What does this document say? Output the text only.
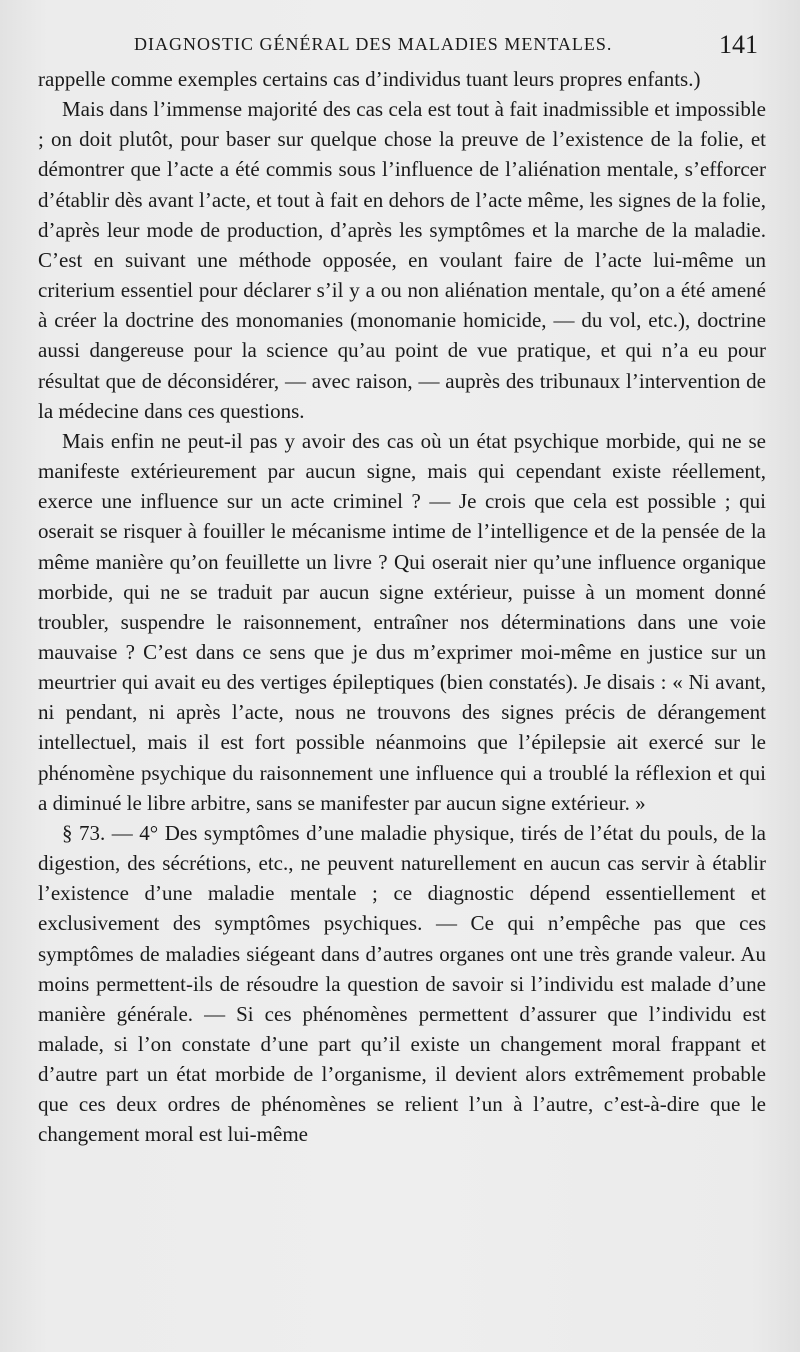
DIAGNOSTIC GÉNÉRAL DES MALADIES MENTALES.	141

rappelle comme exemples certains cas d’individus tuant leurs propres enfants.)

Mais dans l’immense majorité des cas cela est tout à fait inadmissible et impossible ; on doit plutôt, pour baser sur quelque chose la preuve de l’existence de la folie, et démontrer que l’acte a été commis sous l’influence de l’aliénation mentale, s’efforcer d’établir dès avant l’acte, et tout à fait en dehors de l’acte même, les signes de la folie, d’après leur mode de production, d’après les symptômes et la marche de la maladie. C’est en suivant une méthode opposée, en voulant faire de l’acte lui-même un criterium essentiel pour déclarer s’il y a ou non aliénation mentale, qu’on a été amené à créer la doctrine des monomanies (monomanie homicide, — du vol, etc.), doctrine aussi dangereuse pour la science qu’au point de vue pratique, et qui n’a eu pour résultat que de déconsidérer, — avec raison, — auprès des tribunaux l’intervention de la médecine dans ces questions.

Mais enfin ne peut-il pas y avoir des cas où un état psychique morbide, qui ne se manifeste extérieurement par aucun signe, mais qui cependant existe réellement, exerce une influence sur un acte criminel ? — Je crois que cela est possible ; qui oserait se risquer à fouiller le mécanisme intime de l’intelligence et de la pensée de la même manière qu’on feuillette un livre ? Qui oserait nier qu’une influence organique morbide, qui ne se traduit par aucun signe extérieur, puisse à un moment donné troubler, suspendre le raisonnement, entraîner nos déterminations dans une voie mauvaise ? C’est dans ce sens que je dus m’exprimer moi-même en justice sur un meurtrier qui avait eu des vertiges épileptiques (bien constatés). Je disais : « Ni avant, ni pendant, ni après l’acte, nous ne trouvons des signes précis de dérangement intellectuel, mais il est fort possible néanmoins que l’épilepsie ait exercé sur le phénomène psychique du raisonnement une influence qui a troublé la réflexion et qui a diminué le libre arbitre, sans se manifester par aucun signe extérieur. »

§ 73. — 4° Des symptômes d’une maladie physique, tirés de l’état du pouls, de la digestion, des sécrétions, etc., ne peuvent naturellement en aucun cas servir à établir l’existence d’une maladie mentale ; ce diagnostic dépend essentiellement et exclusivement des symptômes psychiques. — Ce qui n’empêche pas que ces symptômes de maladies siégeant dans d’autres organes ont une très grande valeur. Au moins permettent-ils de résoudre la question de savoir si l’individu est malade d’une manière générale. — Si ces phénomènes permettent d’assurer que l’individu est malade, si l’on constate d’une part qu’il existe un changement moral frappant et d’autre part un état morbide de l’organisme, il devient alors extrêmement probable que ces deux ordres de phénomènes se relient l’un à l’autre, c’est-à-dire que le changement moral est lui-même
